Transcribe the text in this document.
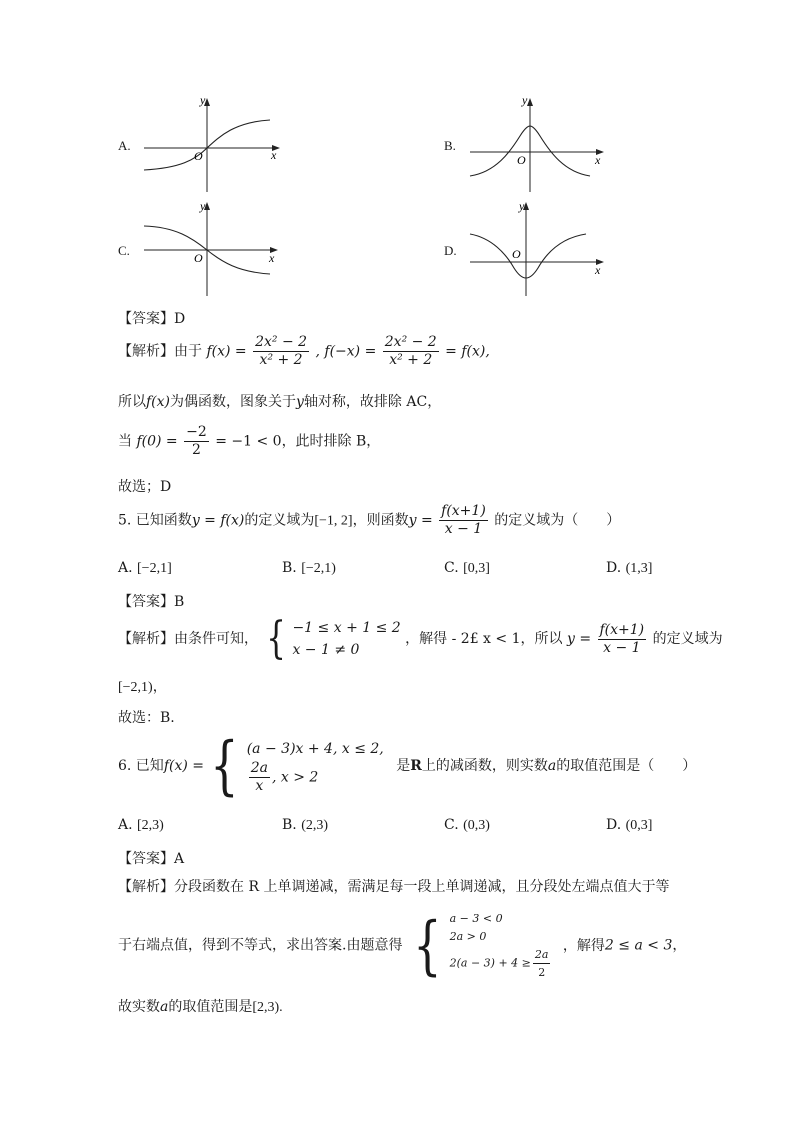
A.
y
x
O
B.
y
x
O
C.
y
x
O	D.
y
x
O
【答案】D
【解析】由于 $f(x) = \frac{\text{2x² − 2}}{\text{x² + 2}}$ , $f(-x) = \frac{\text{2x² − 2}}{\text{x² + 2}} = f(x)$,
所以f(x)为偶函数，图象关于y轴对称，故排除 AC，
当 $f(0) = \frac{-2}{2} = -1 < 0$，此时排除 B，
故选；D
5. 已知函数y = f(x)的定义域为[−1, 2]，则函数$y = \frac{f(x+1)}{x - 1}$ 的定义域为（　　）
A. [−2,1]	B. [−2,1)	C. [0,3]	D. (1,3]
【答案】B
【解析】由条件可知， { −1 ≤ x + 1 ≤ 2
x − 1 ≠ 0
，解得 - 2£ x < 1，所以 $y = \frac{f(x+1)}{x - 1}$ 的定义域为
[−2,1)，
故选：B.
6. 已知f(x) ={ (a − 3)x + 4, x ≤ 2,
$\frac{2a}{x}$ , x > 2
是R上的减函数，则实数a的取值范围是（　　）
A. [2,3)	B. (2,3)	C. (0,3)	D. (0,3]
【答案】A
【解析】分段函数在 R 上单调递减，需满足每一段上单调递减，且分段处左端点值大于等
于右端点值，得到不等式，求出答案.由题意得 { a − 3 < 0
2a > 0
$2(a - 3) + 4 \ge \frac{2a}{2}$
，解得2 ≤ a < 3，
故实数a的取值范围是[2,3).
